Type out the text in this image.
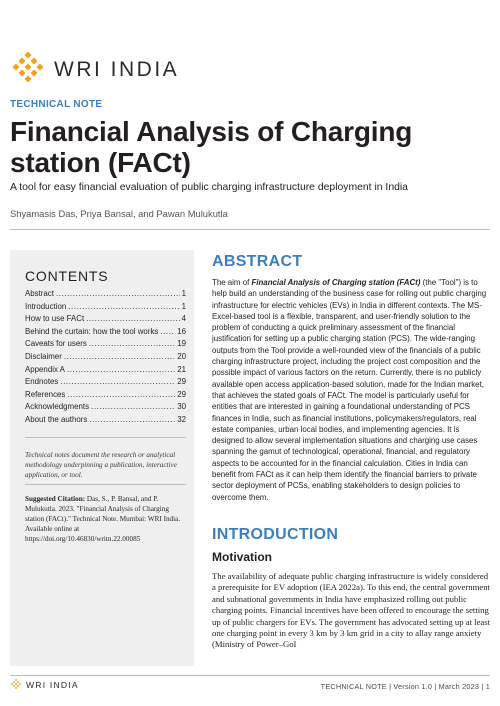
WRI INDIA
TECHNICAL NOTE
Financial Analysis of Charging station (FACt)
A tool for easy financial evaluation of public charging infrastructure deployment in India
Shyamasis Das, Priya Bansal, and Pawan Mulukutla
CONTENTS
Abstract .....	1
Introduction .....	1
How to use FACt .....	4
Behind the curtain: how the tool works ..... 16
Caveats for users .....	19
Disclaimer .....	20
Appendix A .....	21
Endnotes .....	29
References .....	29
Acknowledgments .....	30
About the authors .....	32

Technical notes document the research or analytical methodology underpinning a publication, interactive application, or tool.

Suggested Citation: Das, S., P. Bansal, and P. Mulukutla. 2023. "Financial Analysis of Charging station (FACt)." Technical Note. Mumbai: WRI India. Available online at https://doi.org/10.46830/writn.22.00085

ABSTRACT

The aim of Financial Analysis of Charging station (FACt) (the "Tool") is to help build an understanding of the business case for rolling out public charging infrastructure for electric vehicles (EVs) in India in different contexts. The MS-Excel-based tool is a flexible, transparent, and user-friendly solution to the problem of conducting a quick preliminary assessment of the financial justification for setting up a public charging station (PCS). The wide-ranging outputs from the Tool provide a well-rounded view of the financials of a public charging infrastructure project, including the project cost composition and the possible impact of various factors on the return. Currently, there is no publicly available open access application-based solution, made for the Indian market, that achieves the stated goals of FACt. The model is particularly useful for entities that are interested in gaining a foundational understanding of PCS finances in India, such as financial institutions, policymakers/regulators, real estate companies, urban local bodies, and implementing agencies. It is designed to allow several implementation situations and charging use cases spanning the gamut of technological, operational, financial, and regulatory aspects to be accounted for in the financial calculation. Cities in India can benefit from FACt as it can help them identify the financial barriers to private sector deployment of PCSs, enabling stakeholders to design policies to overcome them.

INTRODUCTION
Motivation

The availability of adequate public charging infrastructure is widely considered a prerequisite for EV adoption (IEA 2022a). To this end, the central government and subnational governments in India have emphasized rolling out public charging points. Financial incentives have been offered to encourage the setting up of public chargers for EVs. The government has advocated setting up at least one charging point in every 3 km by 3 km grid in a city to allay range anxiety (Ministry of Power–GoI

WRI INDIA	TECHNICAL NOTE | Version 1.0 | March 2023 | 1
